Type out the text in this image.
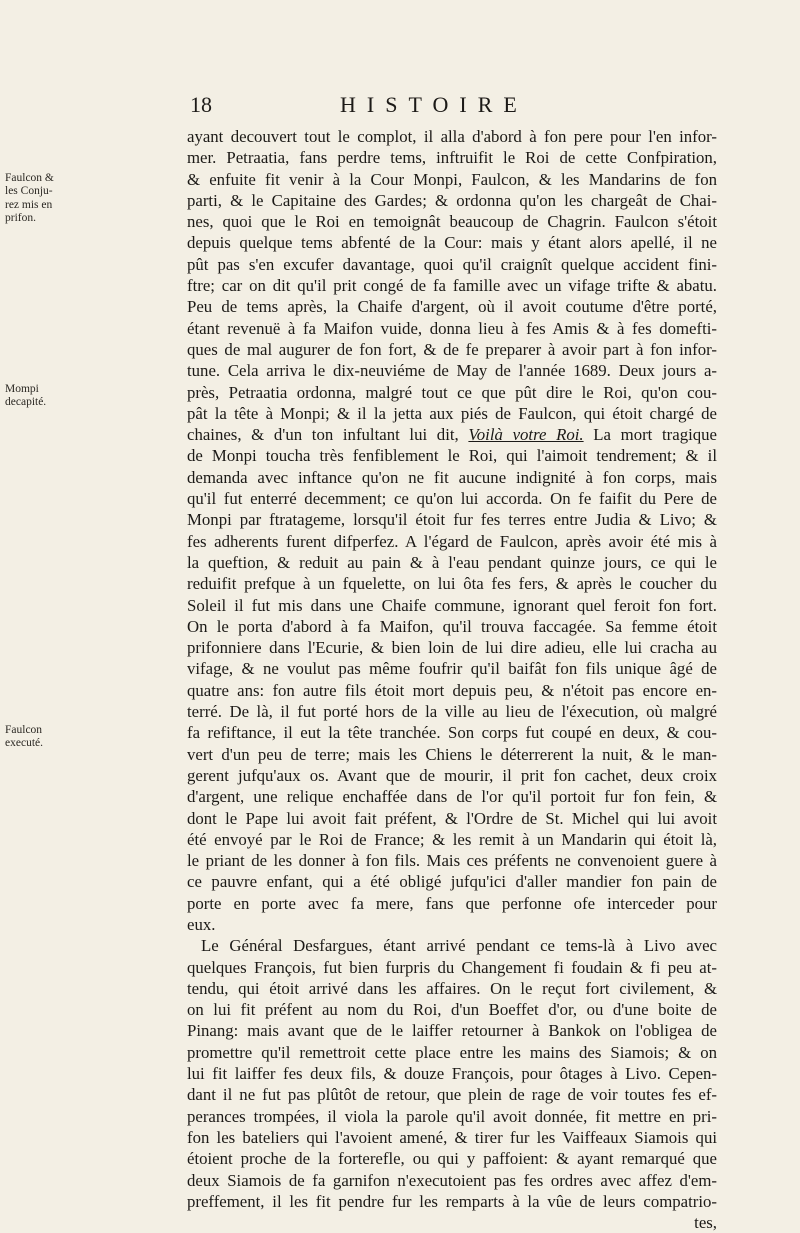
18	HISTOIRE
Faulcon &
les Conju-
rez mis en
prifon.
Mompi
decapité.
Faulcon
executé.
ayant decouvert tout le complot, il alla d'abord à fon pere pour l'en infor-
mer. Petraatia, fans perdre tems, inftruifit le Roi de cette Confpiration,
& enfuite fit venir à la Cour Monpi, Faulcon, & les Mandarins de fon
parti, & le Capitaine des Gardes; & ordonna qu'on les chargeât de Chai-
nes, quoi que le Roi en temoignât beaucoup de Chagrin. Faulcon s'étoit
depuis quelque tems abfenté de la Cour: mais y étant alors apellé, il ne
pût pas s'en excufer davantage, quoi qu'il craignît quelque accident fini-
ftre; car on dit qu'il prit congé de fa famille avec un vifage trifte & abatu.
Peu de tems après, la Chaife d'argent, où il avoit coutume d'être porté,
étant revenuë à fa Maifon vuide, donna lieu à fes Amis & à fes domefti-
ques de mal augurer de fon fort, & de fe preparer à avoir part à fon infor-
tune. Cela arriva le dix-neuviéme de May de l'année 1689. Deux jours a-
près, Petraatia ordonna, malgré tout ce que pût dire le Roi, qu'on cou-
pât la tête à Monpi; & il la jetta aux piés de Faulcon, qui étoit chargé de
chaines, & d'un ton infultant lui dit, Voilà votre Roi. La mort tragique
de Monpi toucha très fenfiblement le Roi, qui l'aimoit tendrement; & il
demanda avec inftance qu'on ne fit aucune indignité à fon corps, mais
qu'il fut enterré decemment; ce qu'on lui accorda. On fe faifit du Pere de
Monpi par ftratageme, lorsqu'il étoit fur fes terres entre Judia & Livo; &
fes adherents furent difperfez. A l'égard de Faulcon, après avoir été mis à
la queftion, & reduit au pain & à l'eau pendant quinze jours, ce qui le
reduifit prefque à un fquelette, on lui ôta fes fers, & après le coucher du
Soleil il fut mis dans une Chaife commune, ignorant quel feroit fon fort.
On le porta d'abord à fa Maifon, qu'il trouva faccagée. Sa femme étoit
prifonniere dans l'Ecurie, & bien loin de lui dire adieu, elle lui cracha au
vifage, & ne voulut pas même foufrir qu'il baifât fon fils unique âgé de
quatre ans: fon autre fils étoit mort depuis peu, & n'étoit pas encore en-
terré. De là, il fut porté hors de la ville au lieu de l'éxecution, où malgré
fa refiftance, il eut la tête tranchée. Son corps fut coupé en deux, & cou-
vert d'un peu de terre; mais les Chiens le déterrerent la nuit, & le man-
gerent jufqu'aux os. Avant que de mourir, il prit fon cachet, deux croix
d'argent, une relique enchaffée dans de l'or qu'il portoit fur fon fein, &
dont le Pape lui avoit fait préfent, & l'Ordre de St. Michel qui lui avoit
été envoyé par le Roi de France; & les remit à un Mandarin qui étoit là,
le priant de les donner à fon fils. Mais ces préfents ne convenoient guere à
ce pauvre enfant, qui a été obligé jufqu'ici d'aller mandier fon pain de
porte en porte avec fa mere, fans que perfonne ofe interceder pour
eux.
Le Général Desfargues, étant arrivé pendant ce tems-là à Livo avec
quelques François, fut bien furpris du Changement fi foudain & fi peu at-
tendu, qui étoit arrivé dans les affaires. On le reçut fort civilement, &
on lui fit préfent au nom du Roi, d'un Boeffet d'or, ou d'une boite de
Pinang: mais avant que de le laiffer retourner à Bankok on l'obligea de
promettre qu'il remettroit cette place entre les mains des Siamois; & on
lui fit laiffer fes deux fils, & douze François, pour ôtages à Livo. Cepen-
dant il ne fut pas plûtôt de retour, que plein de rage de voir toutes fes ef-
perances trompées, il viola la parole qu'il avoit donnée, fit mettre en pri-
fon les bateliers qui l'avoient amené, & tirer fur les Vaiffeaux Siamois qui
étoient proche de la forterefle, ou qui y paffoient: & ayant remarqué que
deux Siamois de fa garnifon n'executoient pas fes ordres avec affez d'em-
preffement, il les fit pendre fur les remparts à la vûe de leurs compatrio-
tes,
